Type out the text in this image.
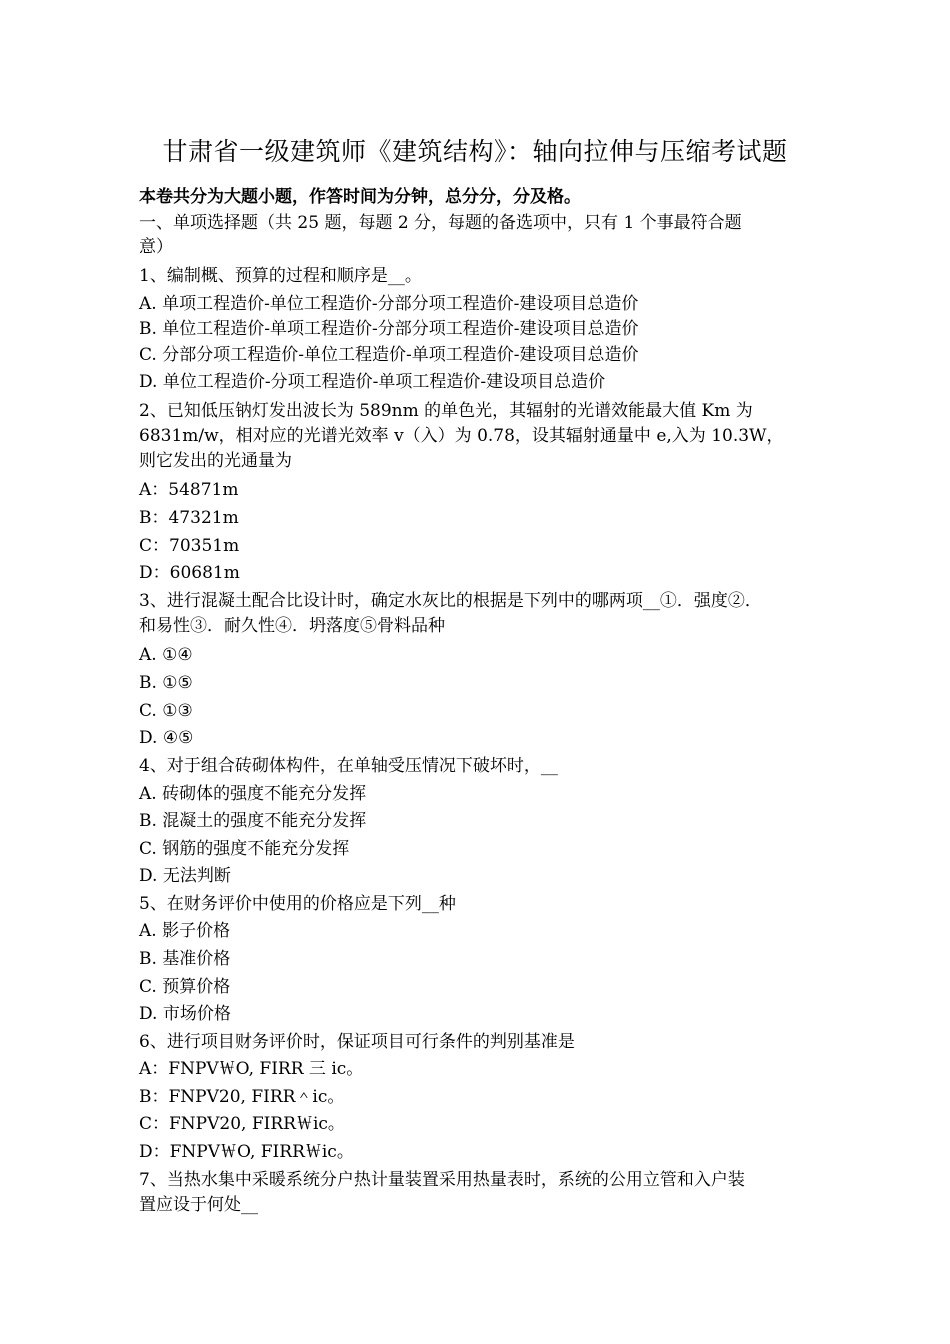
甘肃省一级建筑师《建筑结构》：轴向拉伸与压缩考试题
本卷共分为大题小题，作答时间为分钟，总分分，分及格。
一、单项选择题（共 25 题，每题 2 分，每题的备选项中，只有 1 个事最符合题
意）
1、编制概、预算的过程和顺序是__。
A. 单项工程造价-单位工程造价-分部分项工程造价-建设项目总造价
B. 单位工程造价-单项工程造价-分部分项工程造价-建设项目总造价
C. 分部分项工程造价-单位工程造价-单项工程造价-建设项目总造价
D. 单位工程造价-分项工程造价-单项工程造价-建设项目总造价
2、已知低压钠灯发出波长为 589nm 的单色光，其辐射的光谱效能最大值 Km 为
6831m/w，相对应的光谱光效率 v（入）为 0.78，设其辐射通量中 e,入为 10.3W，
则它发出的光通量为
A：54871m
B：47321m
C：70351m
D：60681m
3、进行混凝土配合比设计时，确定水灰比的根据是下列中的哪两项__①．强度②．
和易性③．耐久性④．坍落度⑤骨料品种
A. ①④
B. ①⑤
C. ①③
D. ④⑤
4、对于组合砖砌体构件，在单轴受压情况下破坏时，__
A. 砖砌体的强度不能充分发挥
B. 混凝土的强度不能充分发挥
C. 钢筋的强度不能充分发挥
D. 无法判断
5、在财务评价中使用的价格应是下列__种
A. 影子价格
B. 基准价格
C. 预算价格
D. 市场价格
6、进行项目财务评价时，保证项目可行条件的判别基准是
A：FNPV￦O, FIRR 三 ic。
B：FNPV20, FIRR＾ic。
C：FNPV20, FIRR￦ic。
D：FNPV￦O, FIRR￦ic。
7、当热水集中采暖系统分户热计量装置采用热量表时，系统的公用立管和入户装
置应设于何处__
